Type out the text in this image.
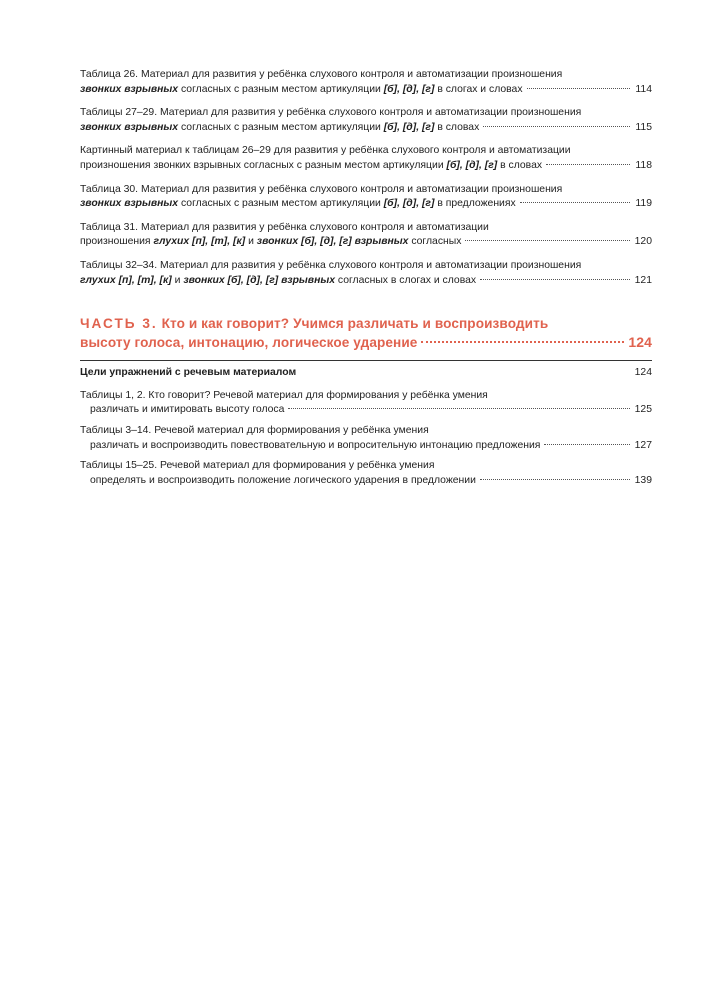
Таблица 26. Материал для развития у ребёнка слухового контроля и автоматизации произношения
звонких взрывных согласных с разным местом артикуляции [б], [д], [г] в слогах и словах	114
Таблицы 27–29. Материал для развития у ребёнка слухового контроля и автоматизации произношения
звонких взрывных согласных с разным местом артикуляции [б], [д], [г] в словах	115
Картинный материал к таблицам 26–29 для развития у ребёнка слухового контроля и автоматизации
произношения звонких взрывных согласных с разным местом артикуляции [б], [д], [г] в словах	118
Таблица 30. Материал для развития у ребёнка слухового контроля и автоматизации произношения
звонких взрывных согласных с разным местом артикуляции [б], [д], [г] в предложениях	119
Таблица 31. Материал для развития у ребёнка слухового контроля и автоматизации
произношения глухих [п], [т], [к] и звонких [б], [д], [г] взрывных согласных	120
Таблицы 32–34. Материал для развития у ребёнка слухового контроля и автоматизации произношения
глухих [п], [т], [к] и звонких [б], [д], [г] взрывных согласных в слогах и словах	121
ЧАСТЬ 3. Кто и как говорит? Учимся различать и воспроизводить
высоту голоса, интонацию, логическое ударение	124
Цели упражнений с речевым материалом	124
Таблицы 1, 2. Кто говорит? Речевой материал для формирования у ребёнка умения
различать и имитировать высоту голоса	125
Таблицы 3–14. Речевой материал для формирования у ребёнка умения
различать и воспроизводить повествовательную и вопросительную интонацию предложения	127
Таблицы 15–25. Речевой материал для формирования у ребёнка умения
определять и воспроизводить положение логического ударения в предложении	139
